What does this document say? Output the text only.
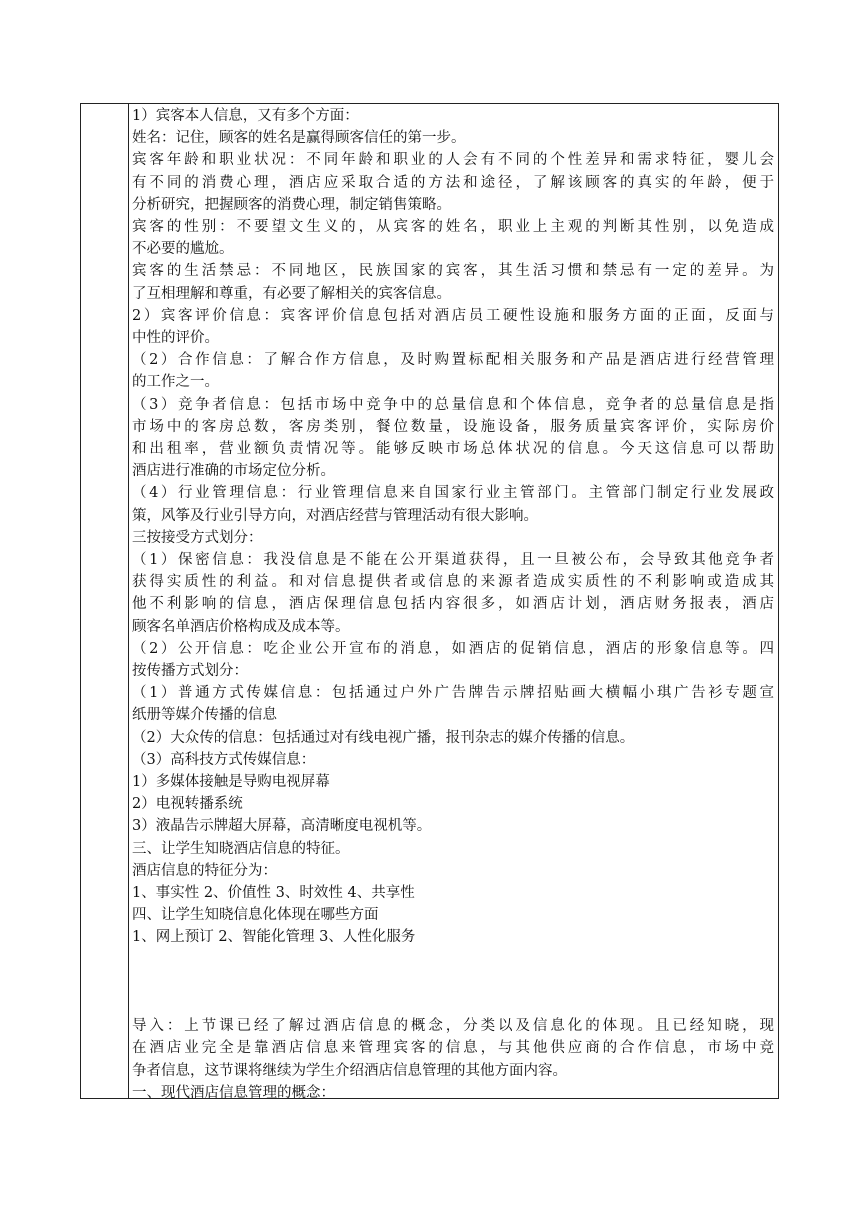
1）宾客本人信息，又有多个方面：
姓名：记住，顾客的姓名是赢得顾客信任的第一步。
宾客年龄和职业状况：不同年龄和职业的人会有不同的个性差异和需求特征，婴儿会
有不同的消费心理，酒店应采取合适的方法和途径，了解该顾客的真实的年龄，便于
分析研究，把握顾客的消费心理，制定销售策略。
宾客的性别：不要望文生义的，从宾客的姓名，职业上主观的判断其性别，以免造成
不必要的尴尬。
宾客的生活禁忌：不同地区，民族国家的宾客，其生活习惯和禁忌有一定的差异。为
了互相理解和尊重，有必要了解相关的宾客信息。
2）宾客评价信息：宾客评价信息包括对酒店员工硬性设施和服务方面的正面，反面与
中性的评价。
（2）合作信息：了解合作方信息，及时购置标配相关服务和产品是酒店进行经营管理
的工作之一。
（3）竞争者信息：包括市场中竞争中的总量信息和个体信息，竞争者的总量信息是指
市场中的客房总数，客房类别，餐位数量，设施设备，服务质量宾客评价，实际房价
和出租率，营业额负责情况等。能够反映市场总体状况的信息。今天这信息可以帮助
酒店进行准确的市场定位分析。
（4）行业管理信息：行业管理信息来自国家行业主管部门。主管部门制定行业发展政
策，风筝及行业引导方向，对酒店经营与管理活动有很大影响。
三按接受方式划分：
（1）保密信息：我没信息是不能在公开渠道获得，且一旦被公布，会导致其他竞争者
获得实质性的利益。和对信息提供者或信息的来源者造成实质性的不利影响或造成其
他不利影响的信息，酒店保理信息包括内容很多，如酒店计划，酒店财务报表，酒店
顾客名单酒店价格构成及成本等。
（2）公开信息：吃企业公开宣布的消息，如酒店的促销信息，酒店的形象信息等。四
按传播方式划分：
（1）普通方式传媒信息：包括通过户外广告牌告示牌招贴画大横幅小琪广告衫专题宣
纸册等媒介传播的信息
（2）大众传的信息：包括通过对有线电视广播，报刊杂志的媒介传播的信息。
（3）高科技方式传媒信息：
1）多媒体接触是导购电视屏幕
2）电视转播系统
3）液晶告示牌超大屏幕，高清晰度电视机等。
三、让学生知晓酒店信息的特征。
酒店信息的特征分为：
1、事实性 2、价值性 3、时效性 4、共享性
四、让学生知晓信息化体现在哪些方面
1、网上预订 2、智能化管理 3、人性化服务
导入：上节课已经了解过酒店信息的概念，分类以及信息化的体现。且已经知晓，现
在酒店业完全是靠酒店信息来管理宾客的信息，与其他供应商的合作信息，市场中竞
争者信息，这节课将继续为学生介绍酒店信息管理的其他方面内容。
一、现代酒店信息管理的概念：
